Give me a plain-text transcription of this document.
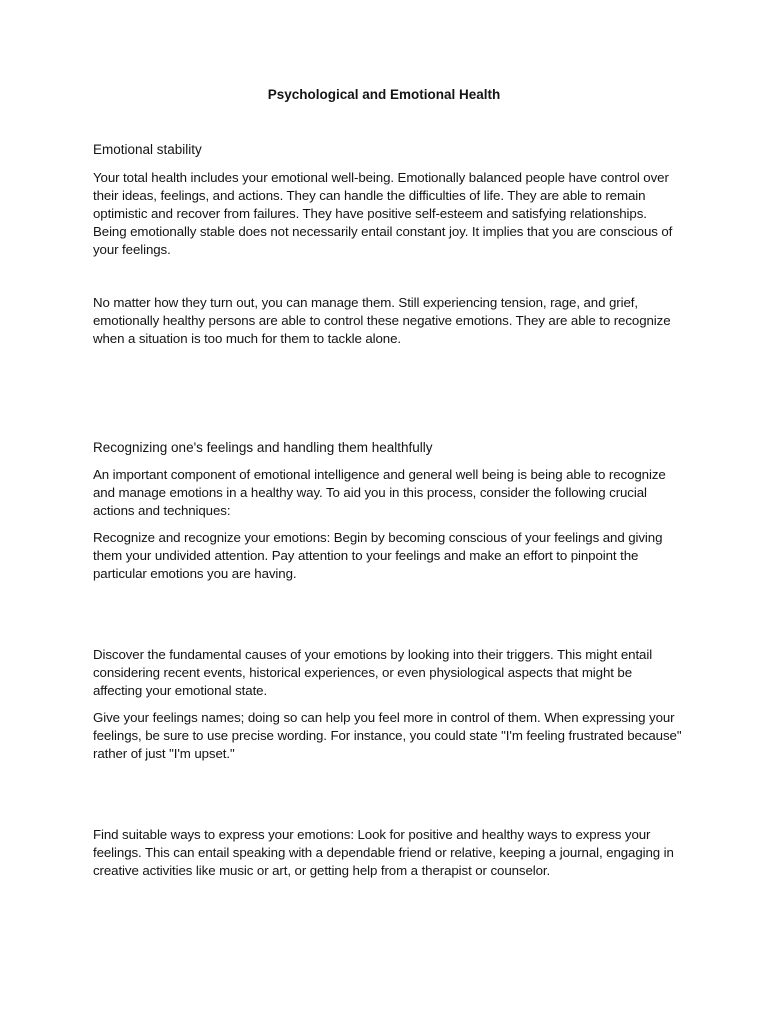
Psychological and Emotional Health
Emotional stability

Your total health includes your emotional well-being. Emotionally balanced people have control over their ideas, feelings, and actions. They can handle the difficulties of life. They are able to remain optimistic and recover from failures. They have positive self-esteem and satisfying relationships. Being emotionally stable does not necessarily entail constant joy. It implies that you are conscious of your feelings.

No matter how they turn out, you can manage them. Still experiencing tension, rage, and grief, emotionally healthy persons are able to control these negative emotions. They are able to recognize when a situation is too much for them to tackle alone.

Recognizing one's feelings and handling them healthfully

An important component of emotional intelligence and general well being is being able to recognize and manage emotions in a healthy way. To aid you in this process, consider the following crucial actions and techniques:

Recognize and recognize your emotions: Begin by becoming conscious of your feelings and giving them your undivided attention. Pay attention to your feelings and make an effort to pinpoint the particular emotions you are having.

Discover the fundamental causes of your emotions by looking into their triggers. This might entail considering recent events, historical experiences, or even physiological aspects that might be affecting your emotional state.

Give your feelings names; doing so can help you feel more in control of them. When expressing your feelings, be sure to use precise wording. For instance, you could state "I'm feeling frustrated because" rather of just "I'm upset."

Find suitable ways to express your emotions: Look for positive and healthy ways to express your feelings. This can entail speaking with a dependable friend or relative, keeping a journal, engaging in creative activities like music or art, or getting help from a therapist or counselor.
